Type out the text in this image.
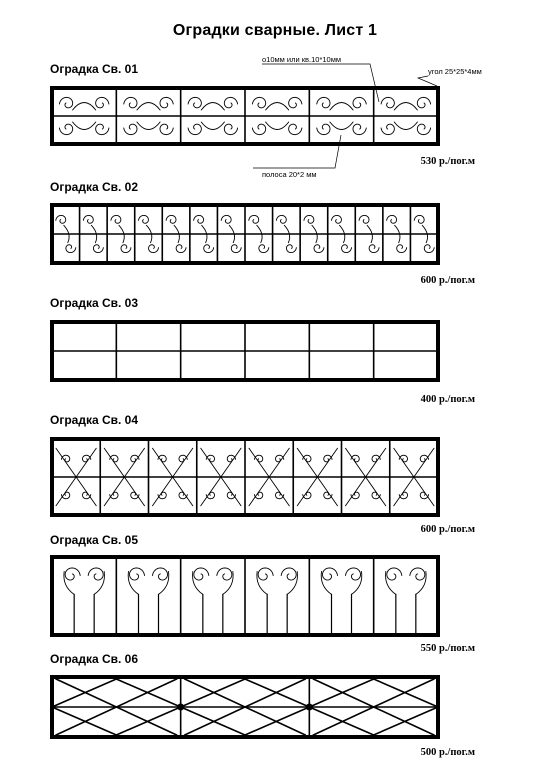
Оградки сварные. Лист 1
Оградка Св. 01
530 р./пог.м
о10мм или кв.10*10мм
угол 25*25*4мм
полоса 20*2 мм
Оградка Св. 02
600 р./пог.м
Оградка Св. 03
400 р./пог.м
Оградка Св. 04
600 р./пог.м
Оградка Св. 05
550 р./пог.м
Оградка Св. 06
500 р./пог.м
